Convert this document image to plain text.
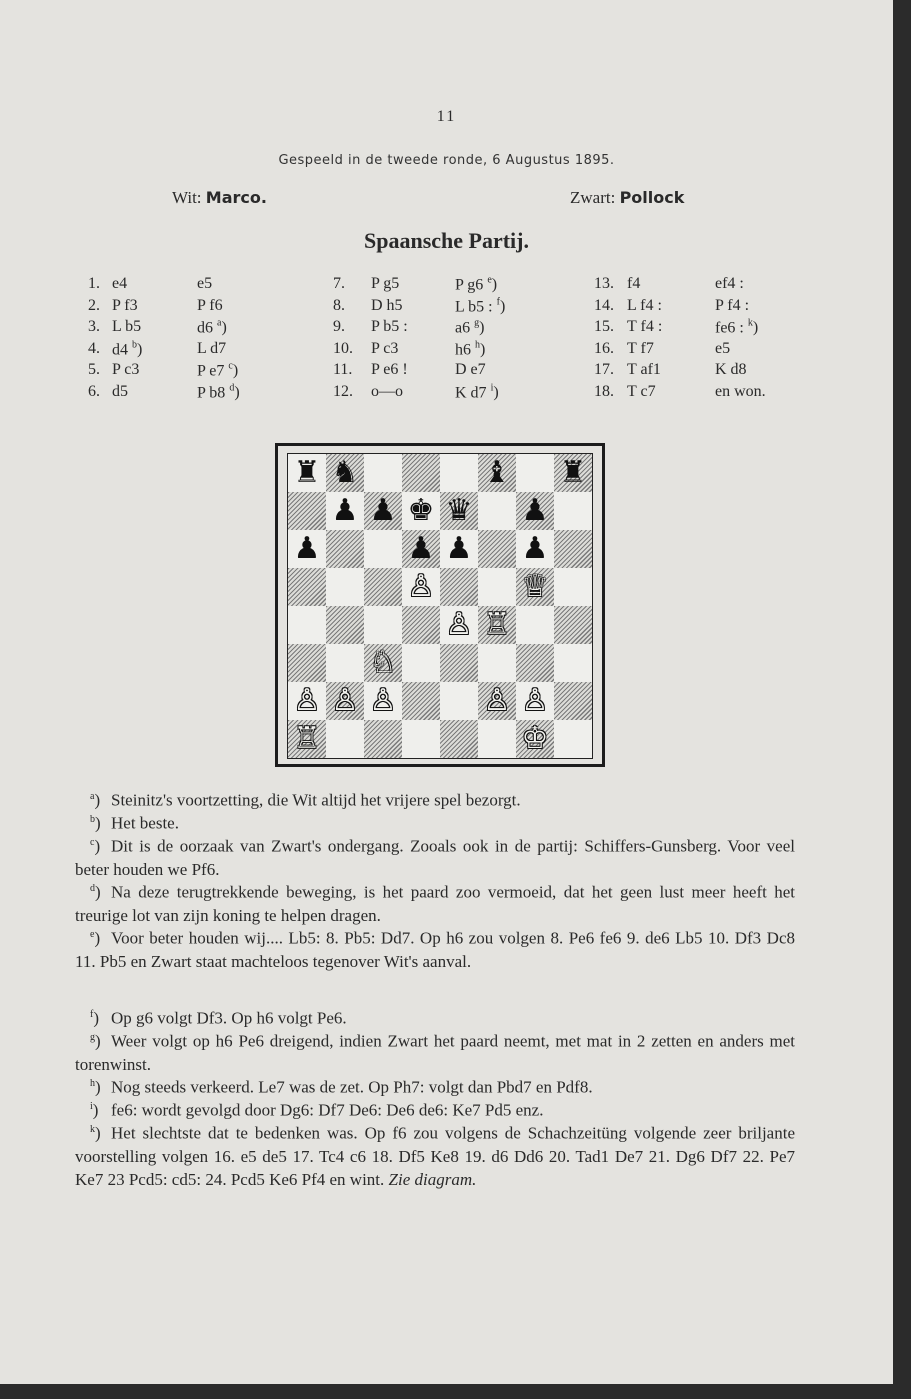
11
Gespeeld in de tweede ronde, 6 Augustus 1895.
Wit: Marco.	Zwart: Pollock
Spaansche Partij.
1. e4	e5
2. P f3	P f6
3. L b5	d6 $^a$)
4. d4 $^b$)	L d7
5. P c3	P e7 $^c$)
6. d5	P b8 $^d$)
7. P g5	P g6 $^e$)
8. D h5	L b5 : $^f$)
9. P b5 :	a6 $^g$)
10. P c3	h6 $^h$)
11. P e6 !	D e7
12. o—o	K d7 $^i$)
13. f4	ef4 :
14. L f4 :	P f4 :
15. T f4 :	fe6 : $^k$)
16. T f7	e5
17. T af1	K d8
18. T c7	en won.
♜ ♞	♝ ♜
♟ ♟ ♚ ♛ ♟
♟	♟ ♟ ♟
♙	♕
♙ ♖
♘
♙ ♙ ♙	♙ ♙
♖	♔
$^a$) Steinitz's voortzetting, die Wit altijd het vrijere spel bezorgt.
$^b$) Het beste.
$^c$) Dit is de oorzaak van Zwart's ondergang. Zooals ook in de partij: Schiffers-Gunsberg. Voor veel beter houden we Pf6.
$^d$) Na deze terugtrekkende beweging, is het paard zoo vermoeid, dat het geen lust meer heeft het treurige lot van zijn koning te helpen dragen.
$^e$) Voor beter houden wij.... Lb5: 8. Pb5: Dd7. Op h6 zou volgen 8. Pe6 fe6 9. de6 Lb5 10. Df3 Dc8 11. Pb5 en Zwart staat machteloos tegenover Wit's aanval.
$^f$) Op g6 volgt Df3. Op h6 volgt Pe6.
$^g$) Weer volgt op h6 Pe6 dreigend, indien Zwart het paard neemt, met mat in 2 zetten en anders met torenwinst.
$^h$) Nog steeds verkeerd. Le7 was de zet. Op Ph7: volgt dan Pbd7 en Pdf8.
$^i$) fe6: wordt gevolgd door Dg6: Df7 De6: De6 de6: Ke7 Pd5 enz.
$^k$) Het slechtste dat te bedenken was. Op f6 zou volgens de Schachzeitüng volgende zeer briljante voorstelling volgen 16. e5 de5 17. Tc4 c6 18. Df5 Ke8 19. d6 Dd6 20. Tad1 De7 21. Dg6 Df7 22. Pe7 Ke7 23 Pcd5: cd5: 24. Pcd5 Ke6 Pf4 en wint. Zie diagram.
